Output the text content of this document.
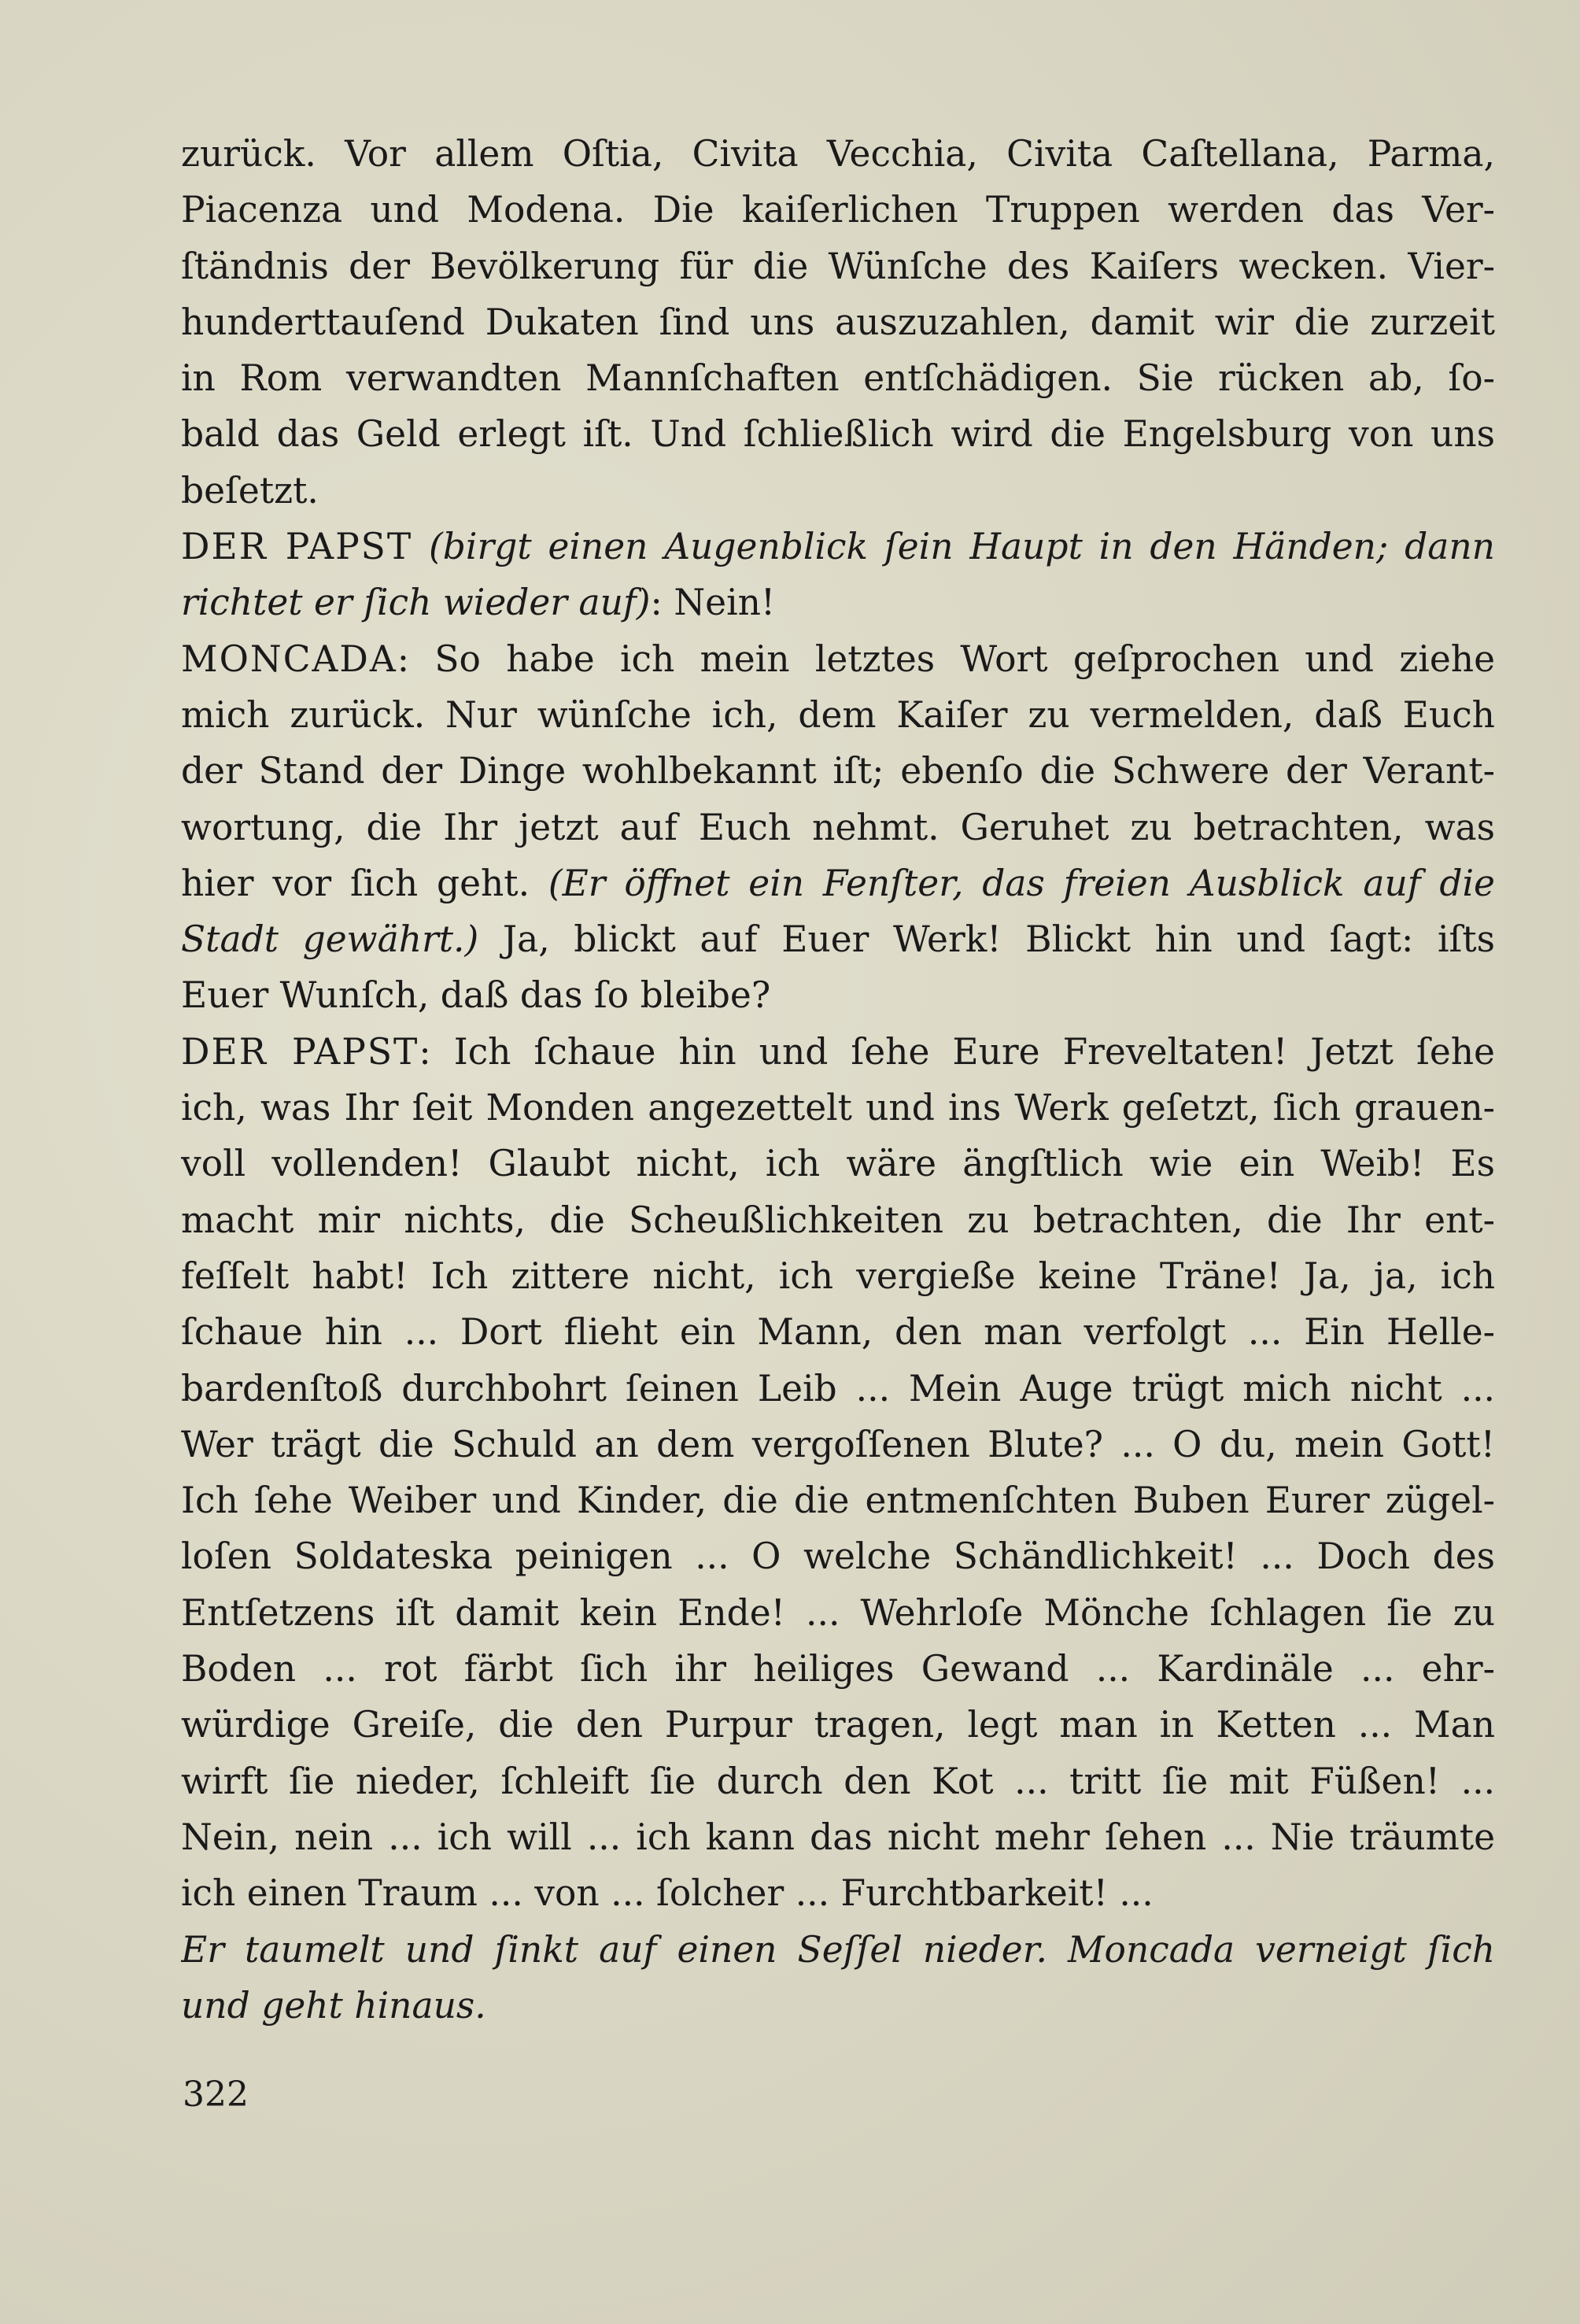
zurück. Vor allem Oſtia, Civita Vecchia, Civita Caſtellana, Parma,
Piacenza und Modena. Die kaiſerlichen Truppen werden das Ver-
ſtändnis der Bevölkerung für die Wünſche des Kaiſers wecken. Vier-
hunderttauſend Dukaten ſind uns auszuzahlen, damit wir die zurzeit
in Rom verwandten Mannſchaften entſchädigen. Sie rücken ab, ſo-
bald das Geld erlegt iſt. Und ſchließlich wird die Engelsburg von uns
beſetzt.
DER PAPST (birgt einen Augenblick ſein Haupt in den Händen; dann
richtet er ſich wieder auf): Nein!
MONCADA: So habe ich mein letztes Wort geſprochen und ziehe
mich zurück. Nur wünſche ich, dem Kaiſer zu vermelden, daß Euch
der Stand der Dinge wohlbekannt iſt; ebenſo die Schwere der Verant-
wortung, die Ihr jetzt auf Euch nehmt. Geruhet zu betrachten, was
hier vor ſich geht. (Er öffnet ein Fenſter, das freien Ausblick auf die
Stadt gewährt.) Ja, blickt auf Euer Werk! Blickt hin und ſagt: iſts
Euer Wunſch, daß das ſo bleibe?
DER PAPST: Ich ſchaue hin und ſehe Eure Freveltaten! Jetzt ſehe
ich, was Ihr ſeit Monden angezettelt und ins Werk geſetzt, ſich grauen-
voll vollenden! Glaubt nicht, ich wäre ängſtlich wie ein Weib! Es
macht mir nichts, die Scheußlichkeiten zu betrachten, die Ihr ent-
feſſelt habt! Ich zittere nicht, ich vergieße keine Träne! Ja, ja, ich
ſchaue hin ... Dort flieht ein Mann, den man verfolgt ... Ein Helle-
bardenſtoß durchbohrt ſeinen Leib ... Mein Auge trügt mich nicht ...
Wer trägt die Schuld an dem vergoſſenen Blute? ... O du, mein Gott!
Ich ſehe Weiber und Kinder, die die entmenſchten Buben Eurer zügel-
loſen Soldateska peinigen ... O welche Schändlichkeit! ... Doch des
Entſetzens iſt damit kein Ende! ... Wehrloſe Mönche ſchlagen ſie zu
Boden ... rot färbt ſich ihr heiliges Gewand ... Kardinäle ... ehr-
würdige Greiſe, die den Purpur tragen, legt man in Ketten ... Man
wirft ſie nieder, ſchleift ſie durch den Kot ... tritt ſie mit Füßen! ...
Nein, nein ... ich will ... ich kann das nicht mehr ſehen ... Nie träumte
ich einen Traum ... von ... ſolcher ... Furchtbarkeit! ...
Er taumelt und ſinkt auf einen Seſſel nieder. Moncada verneigt ſich
und geht hinaus.
322
